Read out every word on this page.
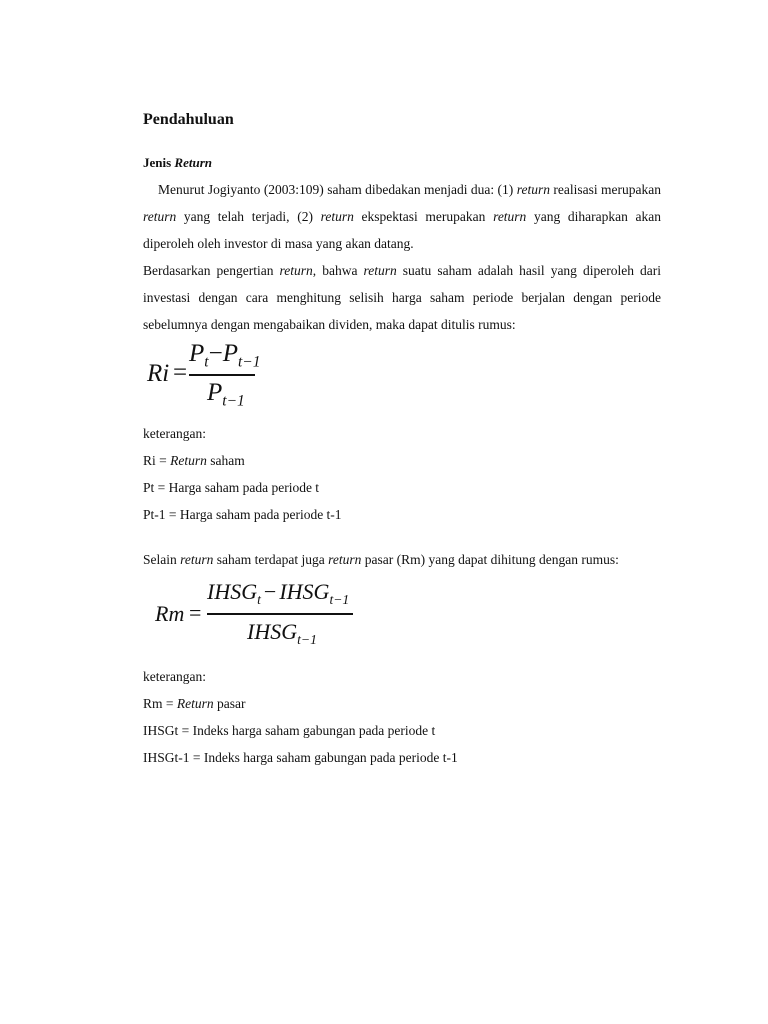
Pendahuluan

Jenis Return

Menurut Jogiyanto (2003:109) saham dibedakan menjadi dua: (1) return realisasi merupakan return yang telah terjadi, (2) return ekspektasi merupakan return yang diharapkan akan diperoleh oleh investor di masa yang akan datang.

Berdasarkan pengertian return, bahwa return suatu saham adalah hasil yang diperoleh dari investasi dengan cara menghitung selisih harga saham periode berjalan dengan periode sebelumnya dengan mengabaikan dividen, maka dapat ditulis rumus:

Ri =
$P_t-P_{t-1}$
$P_{t-1}$

keterangan:

Ri = Return saham

Pt = Harga saham pada periode t

Pt-1 = Harga saham pada periode t-1

Selain return saham terdapat juga return pasar (Rm) yang dapat dihitung dengan rumus:

Rm =
$IHSG_t$ − $IHSG_{t-1}$
$IHSG_{t-1}$

keterangan:

Rm = Return pasar

IHSGt = Indeks harga saham gabungan pada periode t

IHSGt-1 = Indeks harga saham gabungan pada periode t-1
